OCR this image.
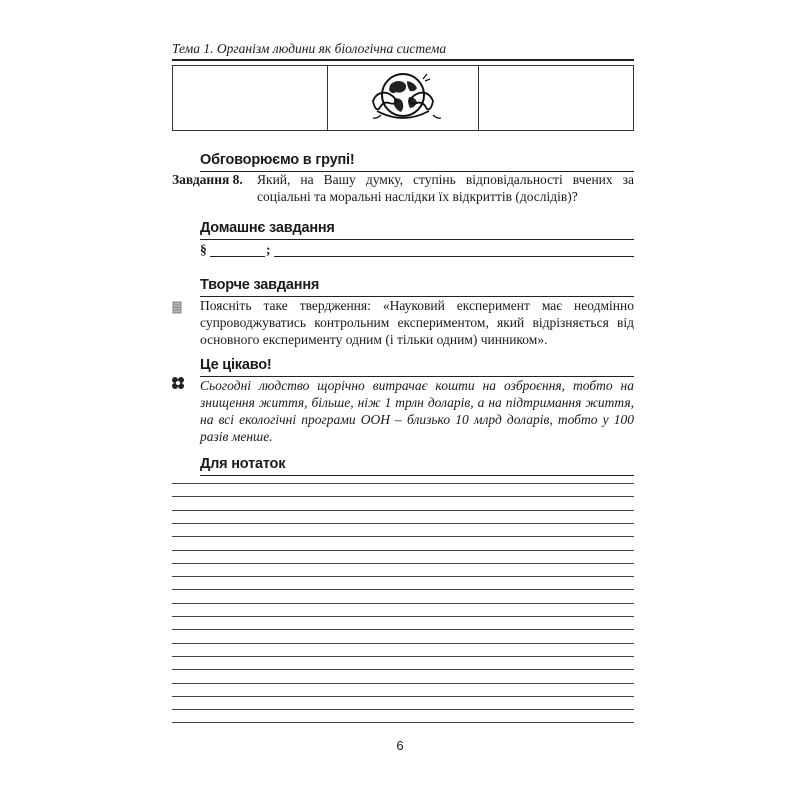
Тема 1. Організм людини як біологічна система

Обговорюємо в групі!
Завдання 8. Який, на Вашу думку, ступінь відповідальності вчених за соціальні та моральні наслідки їх відкриттів (дослідів)?
Домашнє завдання
§	;
Творче завдання
Поясніть таке твердження: «Науковий експеримент має неодмінно супроводжуватись контрольним експериментом, який відрізняється від основного експерименту одним (і тільки одним) чинником».
Це цікаво!
Сьогодні людство щорічно витрачає кошти на озброєння, тобто на знищення життя, більше, ніж 1 трлн доларів, а на підтримання життя, на всі екологічні програми ООН – близько 10 млрд доларів, тобто у 100 разів менше.
Для нотаток
6
